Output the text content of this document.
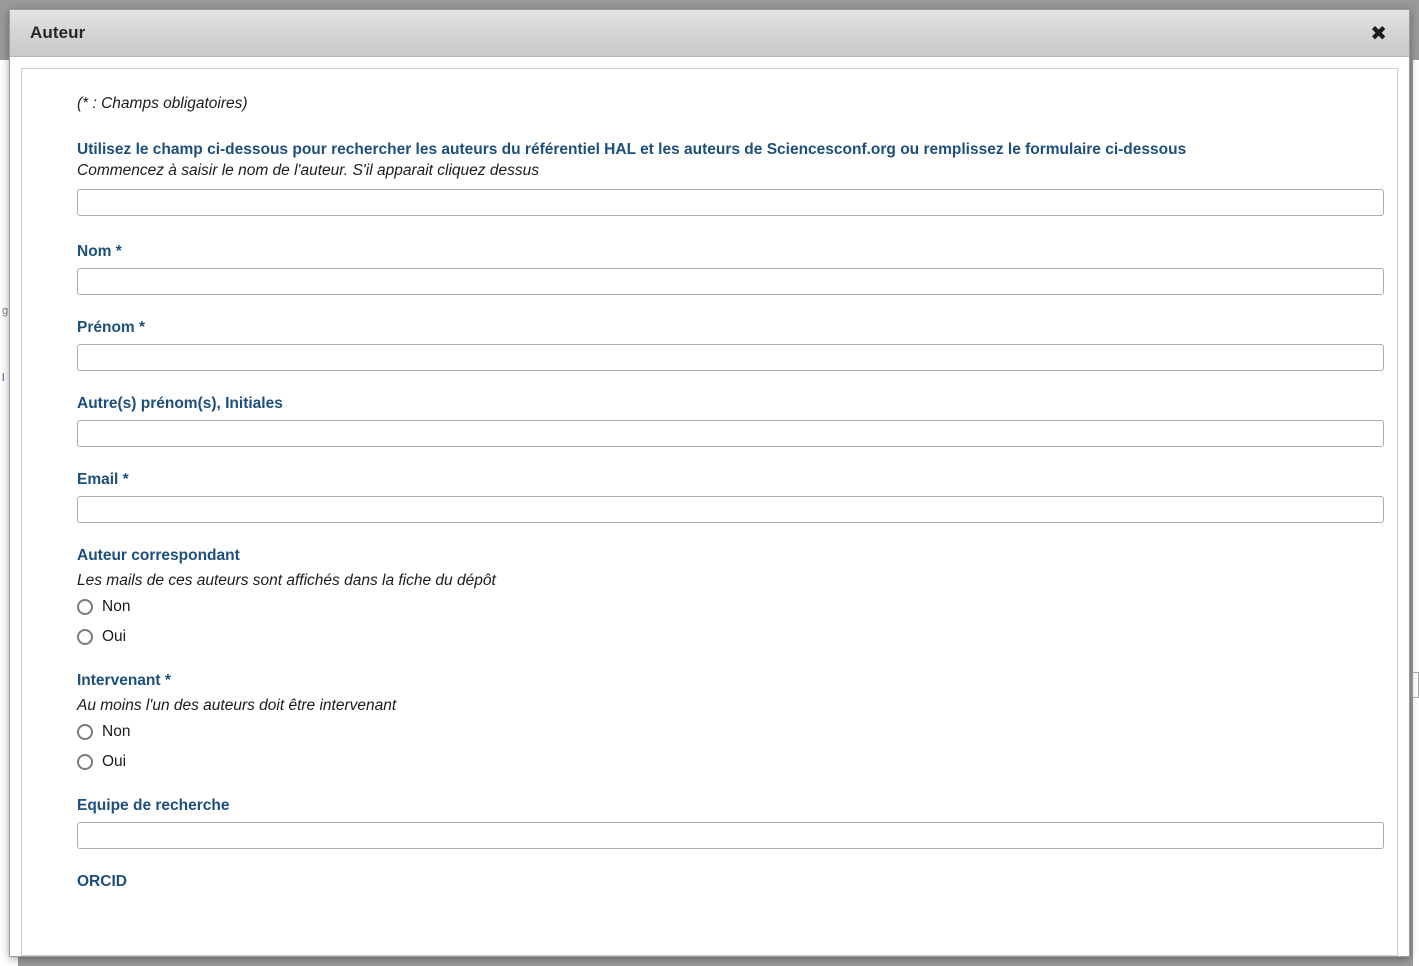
g
l
Auteur	✖

(* : Champs obligatoires)

Utilisez le champ ci-dessous pour rechercher les auteurs du référentiel HAL et les auteurs de Sciencesconf.org ou remplissez le formulaire ci-dessous

Commencez à saisir le nom de l'auteur. S'il apparait cliquez dessus

Nom *

Prénom *

Autre(s) prénom(s), Initiales

Email *

Auteur correspondant

Les mails de ces auteurs sont affichés dans la fiche du dépôt

Non
Oui

Intervenant *

Au moins l'un des auteurs doit être intervenant

Non
Oui

Equipe de recherche

ORCID
